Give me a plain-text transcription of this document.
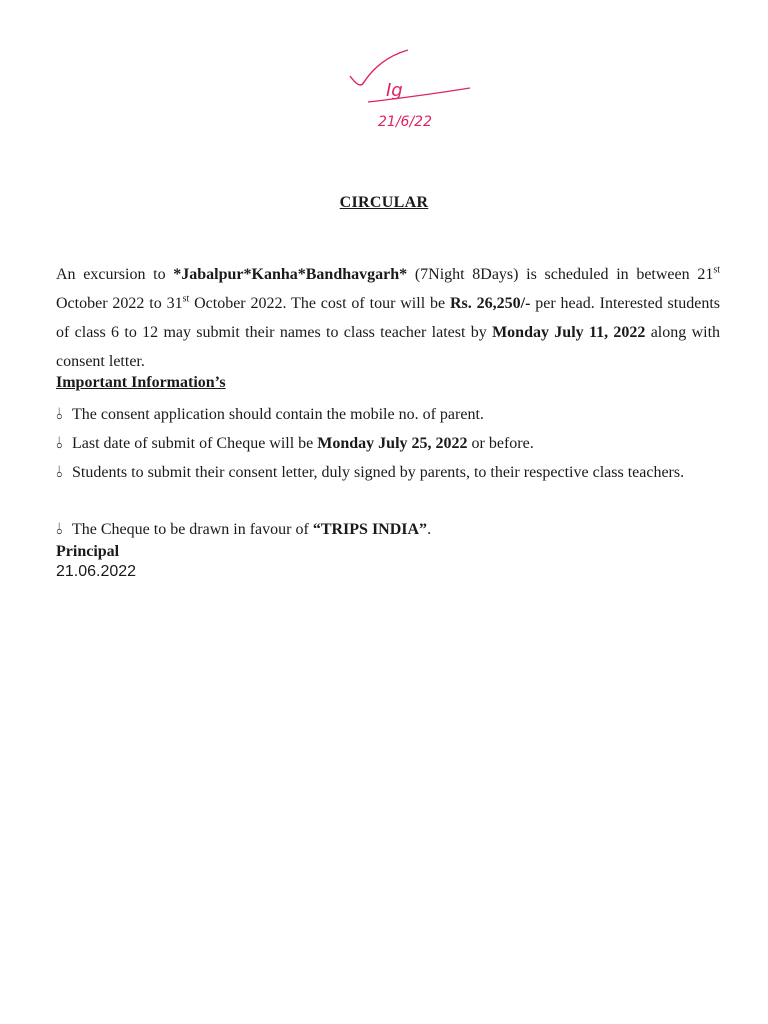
Ig
21/6/22
CIRCULAR

An excursion to *Jabalpur*Kanha*Bandhavgarh* (7Night 8Days) is scheduled in between 21st October 2022 to 31st October 2022. The cost of tour will be Rs. 26,250/- per head. Interested students of class 6 to 12 may submit their names to class teacher latest by Monday July 11, 2022 along with consent letter.

Important Information’s
⫰ The consent application should contain the mobile no. of parent.
⫰ Last date of submit of Cheque will be Monday July 25, 2022 or before.
⫰ Students to submit their consent letter, duly signed by parents, to their respective class teachers.
⫰ The Cheque to be drawn in favour of “TRIPS INDIA”.
Principal
21.06.2022
